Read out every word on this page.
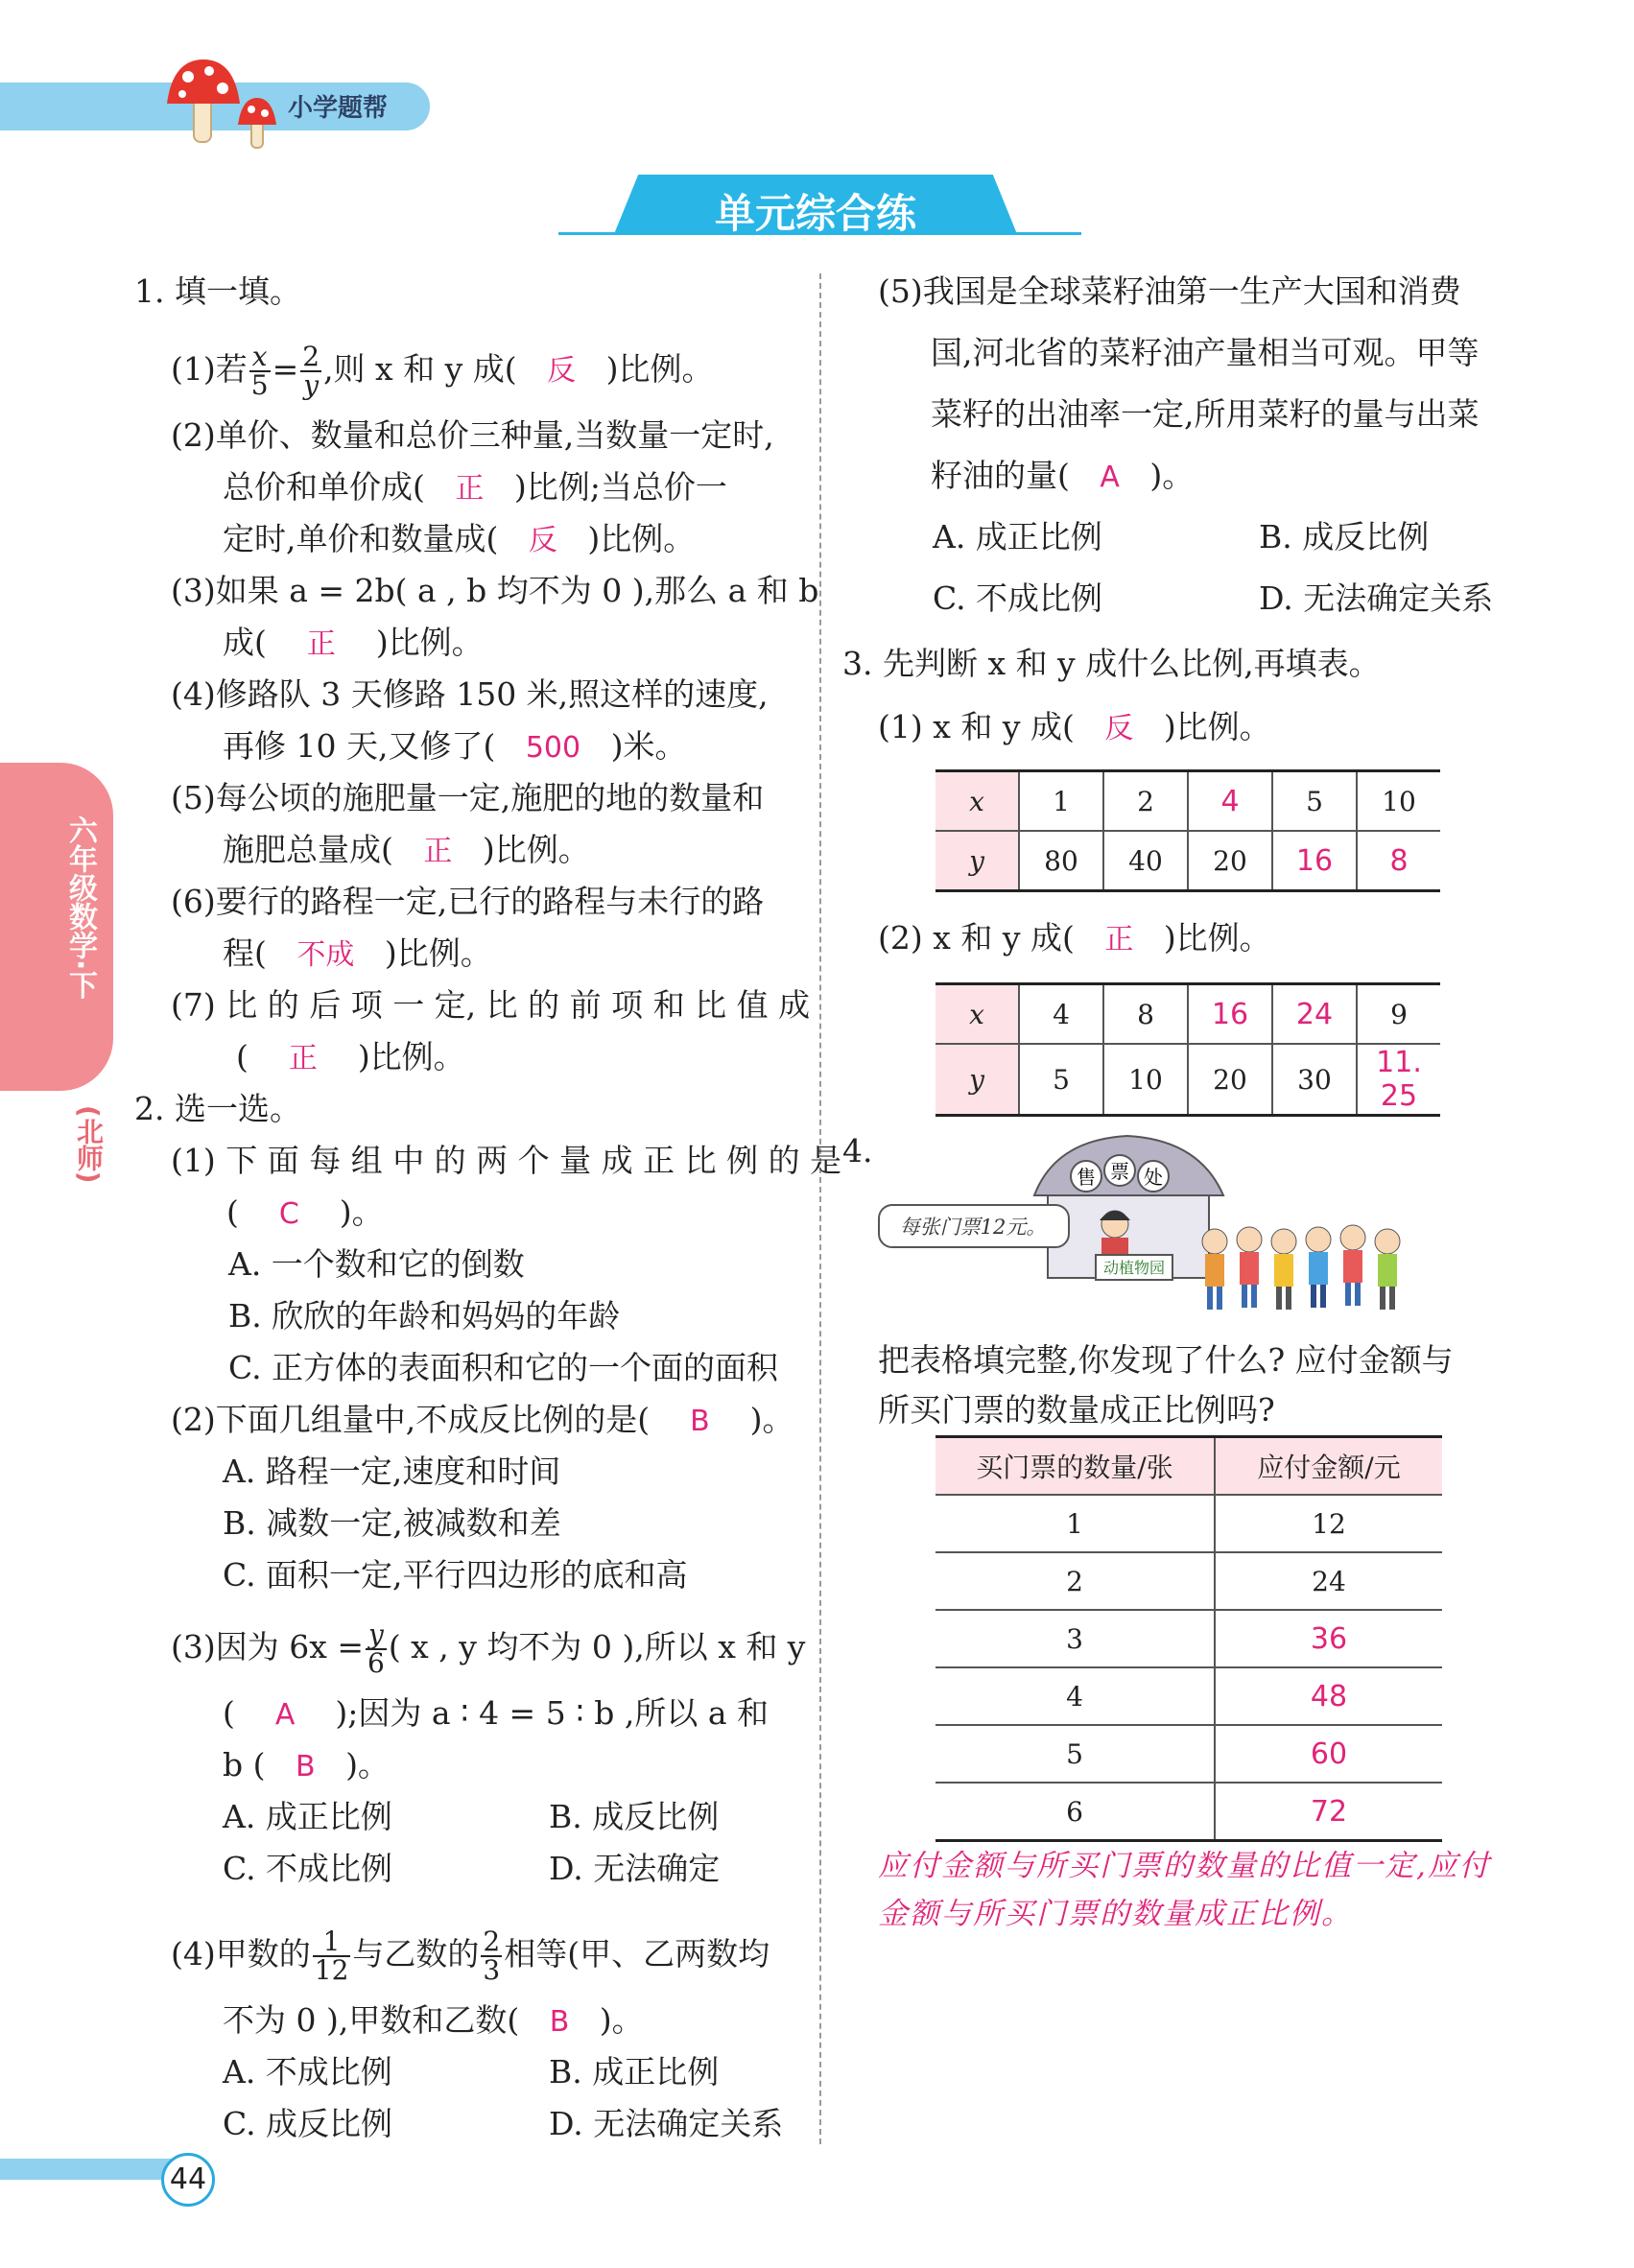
小学题帮
单元综合练
六年级数学·下
(北师)
1. 填一填。
(1)若 $\frac{x}{5} = \frac{2}{y}$ ,则 x 和 y 成( 反 )比例。
(2)单价、数量和总价三种量,当数量一定时,
总价和单价成( 正 )比例;当总价一
定时,单价和数量成( 反 )比例。
(3)如果 a = 2b( a , b 均不为 0 ),那么 a 和 b
成( 正 )比例。
(4)修路队 3 天修路 150 米,照这样的速度,
再修 10 天,又修了( 500 )米。
(5)每公顷的施肥量一定,施肥的地的数量和
施肥总量成( 正 )比例。
(6)要行的路程一定,已行的路程与未行的路
程( 不成 )比例。
(7) 比 的 后 项 一 定, 比 的 前 项 和 比 值 成
( 正 )比例。
2. 选一选。
(1) 下 面 每 组 中 的 两 个 量 成 正 比 例 的 是
( C )。
A. 一个数和它的倒数
B. 欣欣的年龄和妈妈的年龄
C. 正方体的表面积和它的一个面的面积
(2)下面几组量中,不成反比例的是( B )。
A. 路程一定,速度和时间
B. 减数一定,被减数和差
C. 面积一定,平行四边形的底和高
(3)因为 $6x = \frac{y}{6}$ ( x , y 均不为 0 ),所以 x 和 y
( A );因为 a ∶ 4 = 5 ∶ b ,所以 a 和
b ( B )。
A. 成正比例	B. 成反比例
C. 不成比例	D. 无法确定
(4)甲数的 $\frac{1}{12}$ 与乙数的 $\frac{2}{3}$ 相等(甲、乙两数均
不为 0 ),甲数和乙数( B )。
A. 不成比例	B. 成正比例
C. 成反比例	D. 无法确定关系
(5)我国是全球菜籽油第一生产大国和消费
国,河北省的菜籽油产量相当可观。甲等
菜籽的出油率一定,所用菜籽的量与出菜
籽油的量( A )。
A. 成正比例	B. 成反比例
C. 不成比例	D. 无法确定关系
3. 先判断 x 和 y 成什么比例,再填表。
(1) x 和 y 成( 反 )比例。
x	1	2	4	5	10
y	80	40	20	16	8
(2) x 和 y 成( 正 )比例。
x	4	8	16	24	9
y	5	10	20	30	11. 25
4.
售 票 处
动植物园
每张门票12元。
把表格填完整,你发现了什么? 应付金额与
所买门票的数量成正比例吗?
买门票的数量/张	应付金额/元
1	12
2	24
3	36
4	48
5	60
6	72
应付金额与所买门票的数量的比值一定,应付金额与所买门票的数量成正比例。
44
